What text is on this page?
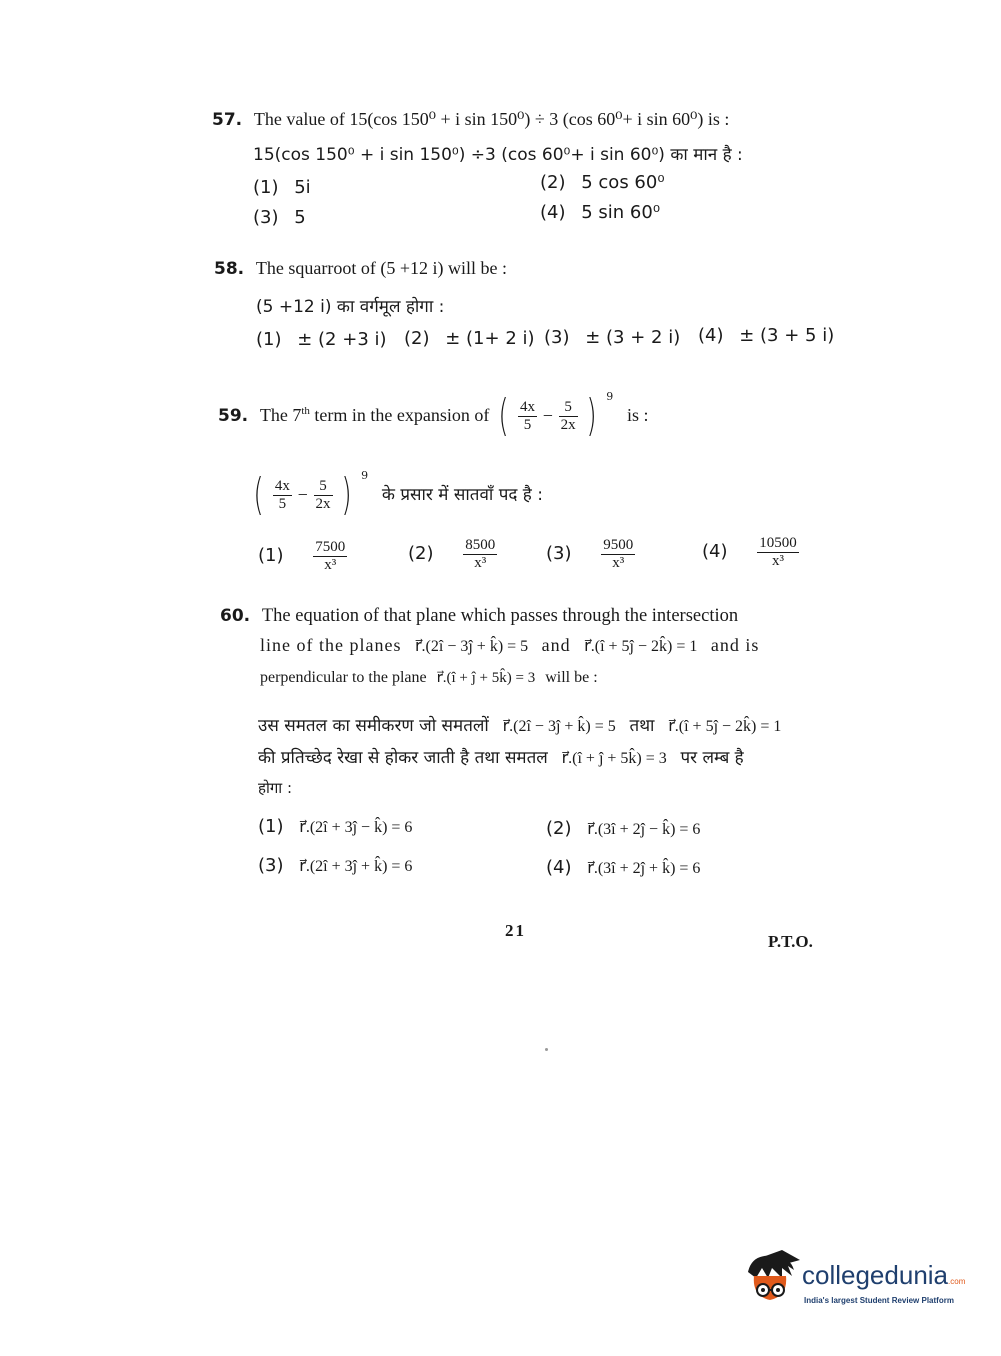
57. The value of 15(cos 150⁰ + i sin 150⁰) ÷ 3 (cos 60⁰+ i sin 60⁰) is :
15(cos 150⁰ + i sin 150⁰) ÷3 (cos 60⁰+ i sin 60⁰) का मान है :
(1) 5i	(2) 5 cos 60⁰
(3) 5	(4) 5 sin 60⁰
58. The squarroot of (5 +12 i) will be :
(5 +12 i) का वर्गमूल होगा :
(1) ± (2 +3 i) (2) ± (1+ 2 i) (3) ± (3 + 2 i) (4) ± (3 + 5 i)
59. The 7th term in the expansion of ( $\frac{4x}{5} - \frac{5}{2x}$ ) $^9$ is :
( $\frac{4x}{5} - \frac{5}{2x}$ ) $^9$ के प्रसार में सातवाँ पद है :
$(1) \frac{7500}{\text{x³}}$	$(2) \frac{8500}{\text{x³}}$	$(3) \frac{9500}{\text{x³}}$	$(4) \frac{10500}{\text{x³}}$
60. The equation of that plane which passes through the intersection
line of the planes r⃗.(2î − 3ĵ + k̂) = 5 and r⃗.(î + 5ĵ − 2k̂) = 1 and is
perpendicular to the plane r⃗.(î + ĵ + 5k̂) = 3 will be :
उस समतल का समीकरण जो समतलों r⃗.(2î − 3ĵ + k̂) = 5 तथा r⃗.(î + 5ĵ − 2k̂) = 1
की प्रतिच्छेद रेखा से होकर जाती है तथा समतल r⃗.(î + ĵ + 5k̂) = 3 पर लम्ब है
होगा :
(1) r⃗.(2î + 3ĵ − k̂) = 6	(2) r⃗.(3î + 2ĵ − k̂) = 6
(3) r⃗.(2î + 3ĵ + k̂) = 6	(4) r⃗.(3î + 2ĵ + k̂) = 6
21
P.T.O.
collegedunia.com
India's largest Student Review Platform
